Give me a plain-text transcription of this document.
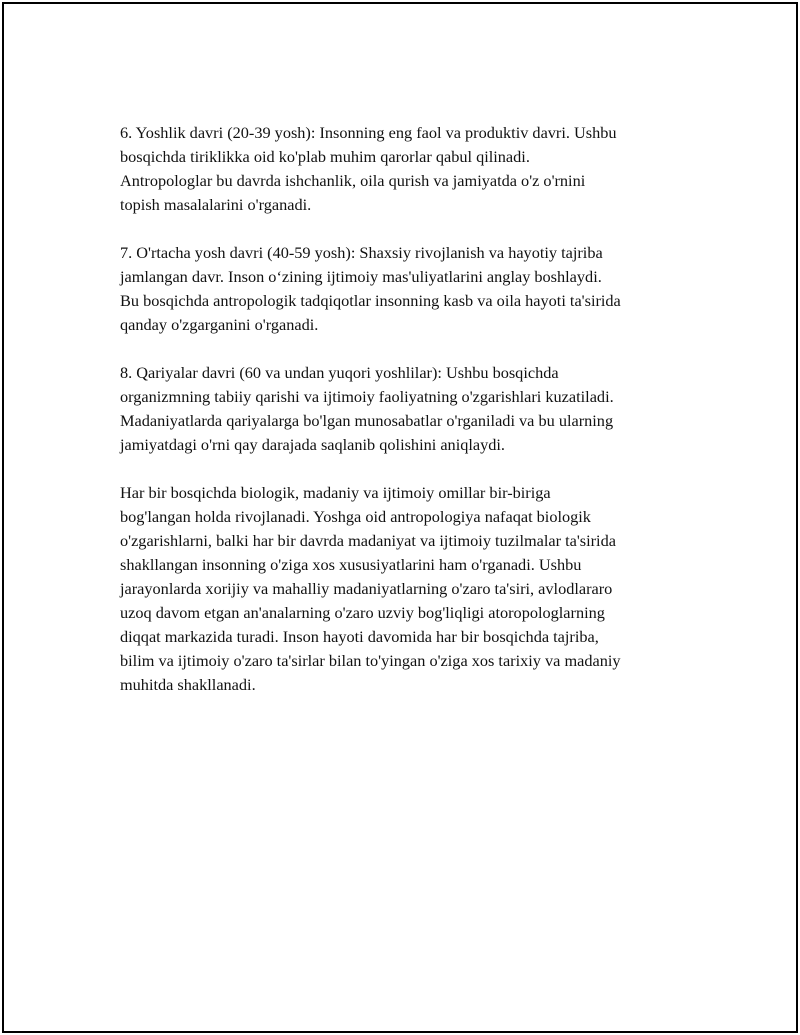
6. Yoshlik davri (20-39 yosh): Insonning eng faol va produktiv davri. Ushbu
bosqichda tiriklikka oid ko'plab muhim qarorlar qabul qilinadi.
Antropologlar bu davrda ishchanlik, oila qurish va jamiyatda o'z o'rnini
topish masalalarini o'rganadi.

7. O'rtacha yosh davri (40-59 yosh): Shaxsiy rivojlanish va hayotiy tajriba
jamlangan davr. Inson o‘zining ijtimoiy mas'uliyatlarini anglay boshlaydi.
Bu bosqichda antropologik tadqiqotlar insonning kasb va oila hayoti ta'sirida
qanday o'zgarganini o'rganadi.

8. Qariyalar davri (60 va undan yuqori yoshlilar): Ushbu bosqichda
organizmning tabiiy qarishi va ijtimoiy faoliyatning o'zgarishlari kuzatiladi.
Madaniyatlarda qariyalarga bo'lgan munosabatlar o'rganiladi va bu ularning
jamiyatdagi o'rni qay darajada saqlanib qolishini aniqlaydi.

Har bir bosqichda biologik, madaniy va ijtimoiy omillar bir-biriga
bog'langan holda rivojlanadi. Yoshga oid antropologiya nafaqat biologik
o'zgarishlarni, balki har bir davrda madaniyat va ijtimoiy tuzilmalar ta'sirida
shakllangan insonning o'ziga xos xususiyatlarini ham o'rganadi. Ushbu
jarayonlarda xorijiy va mahalliy madaniyatlarning o'zaro ta'siri, avlodlararo
uzoq davom etgan an'analarning o'zaro uzviy bog'liqligi atoropologlarning
diqqat markazida turadi. Inson hayoti davomida har bir bosqichda tajriba,
bilim va ijtimoiy o'zaro ta'sirlar bilan to'yingan o'ziga xos tarixiy va madaniy
muhitda shakllanadi.
